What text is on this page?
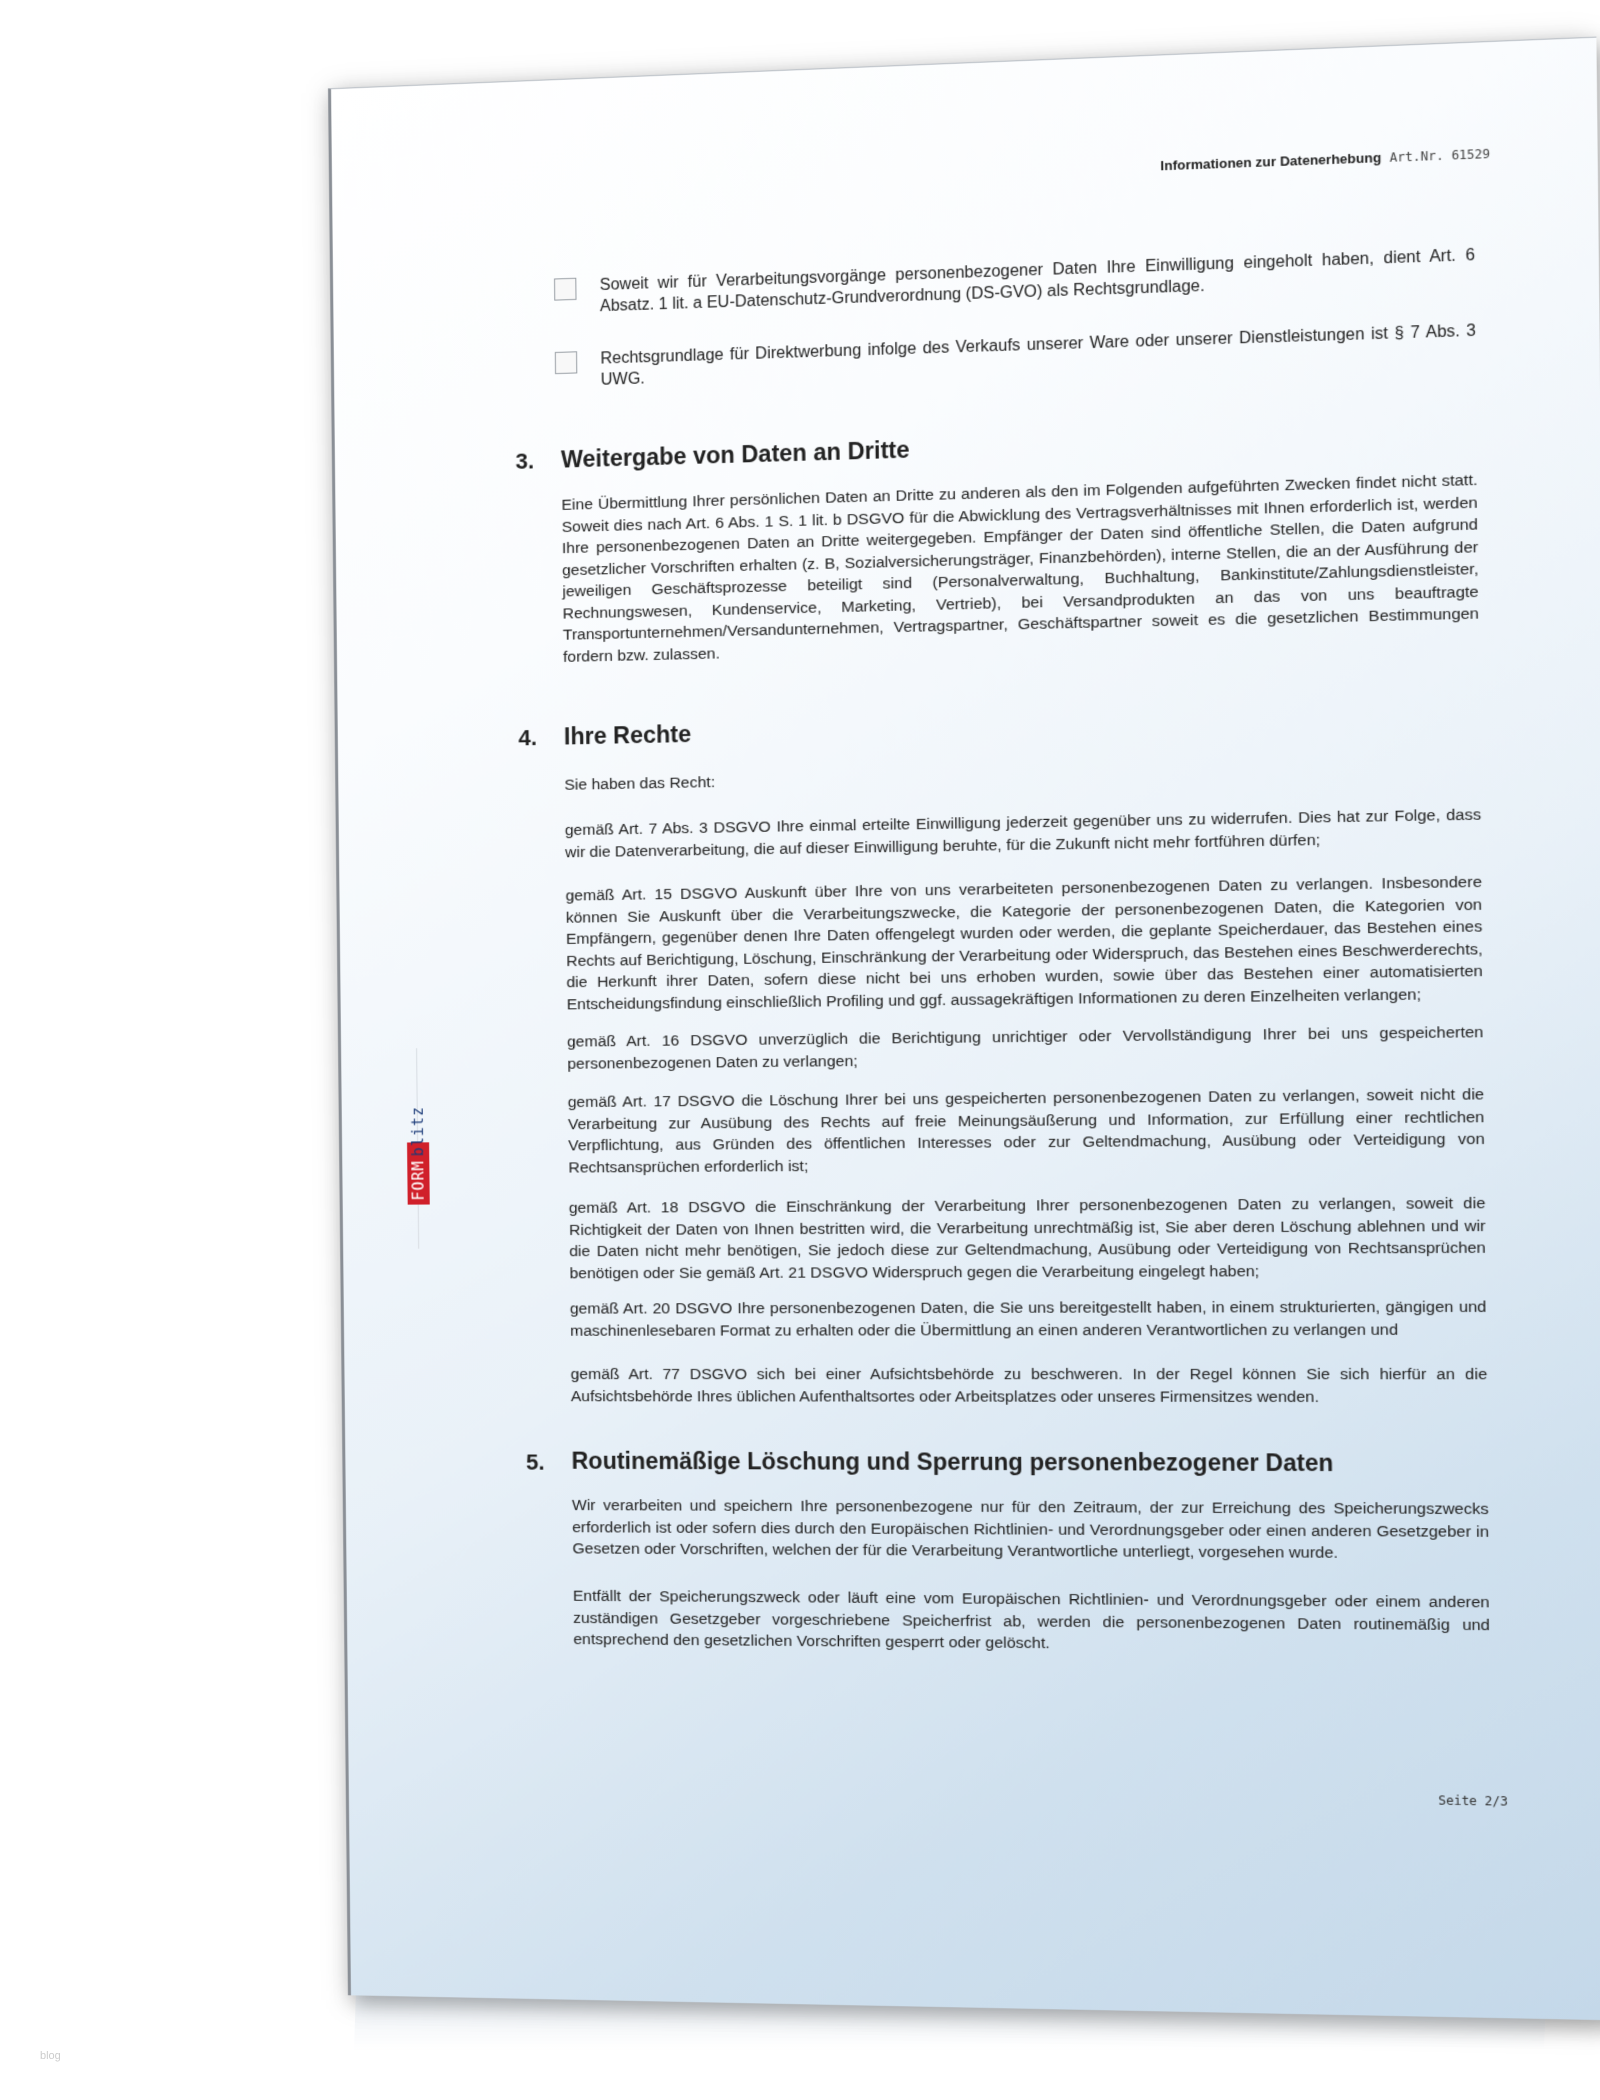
Informationen zur Datenerhebung Art.Nr. 61529
Soweit wir für Verarbeitungsvorgänge personenbezogener Daten Ihre Einwilligung eingeholt haben, dient Art. 6 Absatz. 1 lit. a EU-Datenschutz-Grundverordnung (DS-GVO) als Rechtsgrundlage.
Rechtsgrundlage für Direktwerbung infolge des Verkaufs unserer Ware oder unserer Dienstleistungen ist § 7 Abs. 3 UWG.
3. Weitergabe von Daten an Dritte
Eine Übermittlung Ihrer persönlichen Daten an Dritte zu anderen als den im Folgenden aufgeführten Zwecken findet nicht statt. Soweit dies nach Art. 6 Abs. 1 S. 1 lit. b DSGVO für die Abwicklung des Vertragsverhältnisses mit Ihnen erforderlich ist, werden Ihre personenbezogenen Daten an Dritte weitergegeben. Empfänger der Daten sind öffentliche Stellen, die Daten aufgrund gesetzlicher Vorschriften erhalten (z. B, Sozialversicherungsträger, Finanzbehörden), interne Stellen, die an der Ausführung der jeweiligen Geschäftsprozesse beteiligt sind (Personalverwaltung, Buchhaltung, Bankinstitute/Zahlungsdienstleister, Rechnungswesen, Kundenservice, Marketing, Vertrieb), bei Versandprodukten an das von uns beauftragte Transportunternehmen/Versandunternehmen, Vertragspartner, Geschäftspartner soweit es die gesetzlichen Bestimmungen fordern bzw. zulassen.
4. Ihre Rechte
Sie haben das Recht:
gemäß Art. 7 Abs. 3 DSGVO Ihre einmal erteilte Einwilligung jederzeit gegenüber uns zu widerrufen. Dies hat zur Folge, dass wir die Datenverarbeitung, die auf dieser Einwilligung beruhte, für die Zukunft nicht mehr fortführen dürfen;
gemäß Art. 15 DSGVO Auskunft über Ihre von uns verarbeiteten personenbezogenen Daten zu verlangen. Insbesondere können Sie Auskunft über die Verarbeitungszwecke, die Kategorie der personenbezogenen Daten, die Kategorien von Empfängern, gegenüber denen Ihre Daten offengelegt wurden oder werden, die geplante Speicherdauer, das Bestehen eines Rechts auf Berichtigung, Löschung, Einschränkung der Verarbeitung oder Widerspruch, das Bestehen eines Beschwerderechts, die Herkunft ihrer Daten, sofern diese nicht bei uns erhoben wurden, sowie über das Bestehen einer automatisierten Entscheidungsfindung einschließlich Profiling und ggf. aussagekräftigen Informationen zu deren Einzelheiten verlangen;
gemäß Art. 16 DSGVO unverzüglich die Berichtigung unrichtiger oder Vervollständigung Ihrer bei uns gespeicherten personenbezogenen Daten zu verlangen;
gemäß Art. 17 DSGVO die Löschung Ihrer bei uns gespeicherten personenbezogenen Daten zu verlangen, soweit nicht die Verarbeitung zur Ausübung des Rechts auf freie Meinungsäußerung und Information, zur Erfüllung einer rechtlichen Verpflichtung, aus Gründen des öffentlichen Interesses oder zur Geltendmachung, Ausübung oder Verteidigung von Rechtsansprüchen erforderlich ist;
gemäß Art. 18 DSGVO die Einschränkung der Verarbeitung Ihrer personenbezogenen Daten zu verlangen, soweit die Richtigkeit der Daten von Ihnen bestritten wird, die Verarbeitung unrechtmäßig ist, Sie aber deren Löschung ablehnen und wir die Daten nicht mehr benötigen, Sie jedoch diese zur Geltendmachung, Ausübung oder Verteidigung von Rechtsansprüchen benötigen oder Sie gemäß Art. 21 DSGVO Widerspruch gegen die Verarbeitung eingelegt haben;
gemäß Art. 20 DSGVO Ihre personenbezogenen Daten, die Sie uns bereitgestellt haben, in einem strukturierten, gängigen und maschinenlesebaren Format zu erhalten oder die Übermittlung an einen anderen Verantwortlichen zu verlangen und
gemäß Art. 77 DSGVO sich bei einer Aufsichtsbehörde zu beschweren. In der Regel können Sie sich hierfür an die Aufsichtsbehörde Ihres üblichen Aufenthaltsortes oder Arbeitsplatzes oder unseres Firmensitzes wenden.
5. Routinemäßige Löschung und Sperrung personenbezogener Daten
Wir verarbeiten und speichern Ihre personenbezogene nur für den Zeitraum, der zur Erreichung des Speicherungszwecks erforderlich ist oder sofern dies durch den Europäischen Richtlinien- und Verordnungsgeber oder einen anderen Gesetzgeber in Gesetzen oder Vorschriften, welchen der für die Verarbeitung Verantwortliche unterliegt, vorgesehen wurde.
Entfällt der Speicherungszweck oder läuft eine vom Europäischen Richtlinien- und Verordnungsgeber oder einem anderen zuständigen Gesetzgeber vorgeschriebene Speicherfrist ab, werden die personenbezogenen Daten routinemäßig und entsprechend den gesetzlichen Vorschriften gesperrt oder gelöscht.
Seite 2/3
FORMblitz
blog
